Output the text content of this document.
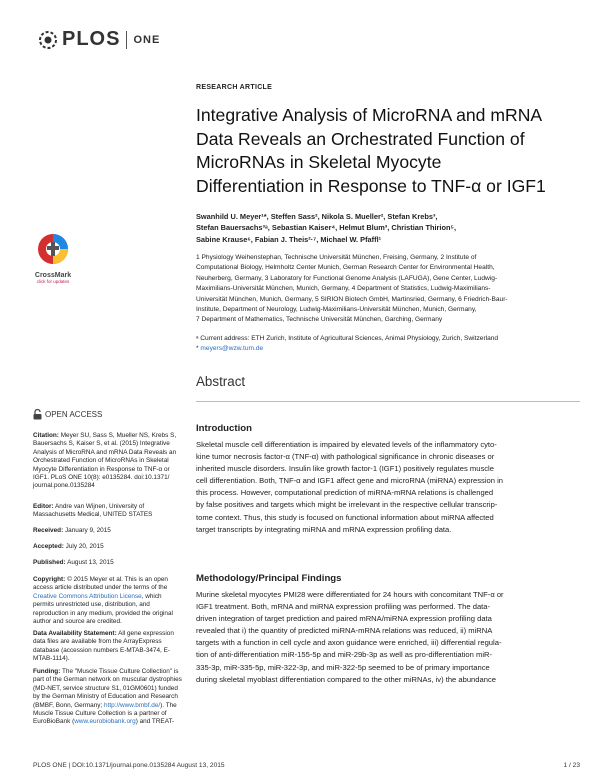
PLOS ONE
CrossMark
click for updates
OPEN ACCESS
Citation: Meyer SU, Sass S, Mueller NS, Krebs S, Bauersachs S, Kaiser S, et al. (2015) Integrative Analysis of MicroRNA and mRNA Data Reveals an Orchestrated Function of MicroRNAs in Skeletal Myocyte Differentiation in Response to TNF-α or IGF1. PLoS ONE 10(8): e0135284. doi:10.1371/ journal.pone.0135284
Editor: Andre van Wijnen, University of Massachusetts Medical, UNITED STATES
Received: January 9, 2015
Accepted: July 20, 2015
Published: August 13, 2015
Copyright: © 2015 Meyer et al. This is an open access article distributed under the terms of the Creative Commons Attribution License, which permits unrestricted use, distribution, and reproduction in any medium, provided the original author and source are credited.
Data Availability Statement: All gene expression data files are available from the ArrayExpress database (accession numbers E-MTAB-3474, E-MTAB-1114).
Funding: The "Muscle Tissue Culture Collection" is part of the German network on muscular dystrophies (MD-NET, service structure S1, 01GM0601) funded by the German Ministry of Education and Research (BMBF, Bonn, Germany; http://www.bmbf.de/). The Muscle Tissue Culture Collection is a partner of EuroBioBank (www.eurobiobank.org) and TREAT-
RESEARCH ARTICLE
Integrative Analysis of MicroRNA and mRNA
Data Reveals an Orchestrated Function of
MicroRNAs in Skeletal Myocyte
Differentiation in Response to TNF-α or IGF1
Swanhild U. Meyer¹*, Steffen Sass², Nikola S. Mueller², Stefan Krebs³,
Stefan Bauersachs³ᵃ, Sebastian Kaiser⁴, Helmut Blum³, Christian Thirion⁵,
Sabine Krause⁶, Fabian J. Theis²·⁷, Michael W. Pfaffl¹
1 Physiology Weihenstephan, Technische Universität München, Freising, Germany, 2 Institute of
Computational Biology, Helmholtz Center Munich, German Research Center for Environmental Health,
Neuherberg, Germany, 3 Laboratory for Functional Genome Analysis (LAFUGA), Gene Center, Ludwig-
Maximilians-Universität München, Munich, Germany, 4 Department of Statistics, Ludwig-Maximilians-
Universität München, Munich, Germany, 5 SIRION Biotech GmbH, Martinsried, Germany, 6 Friedrich-Baur-
Institute, Department of Neurology, Ludwig-Maximilians-Universität München, Munich, Germany,
7 Department of Mathematics, Technische Universität München, Garching, Germany
ᵃ Current address: ETH Zurich, Institute of Agricultural Sciences, Animal Physiology, Zurich, Switzerland
* meyers@wzw.tum.de
Abstract
Introduction
Skeletal muscle cell differentiation is impaired by elevated levels of the inflammatory cyto-
kine tumor necrosis factor-α (TNF-α) with pathological significance in chronic diseases or
inherited muscle disorders. Insulin like growth factor-1 (IGF1) positively regulates muscle
cell differentiation. Both, TNF-α and IGF1 affect gene and microRNA (miRNA) expression in
this process. However, computational prediction of miRNA-mRNA relations is challenged
by false positives and targets which might be irrelevant in the respective cellular transcrip-
tome context. Thus, this study is focused on functional information about miRNA affected
target transcripts by integrating miRNA and mRNA expression profiling data.
Methodology/Principal Findings
Murine skeletal myocytes PMI28 were differentiated for 24 hours with concomitant TNF-α or
IGF1 treatment. Both, mRNA and miRNA expression profiling was performed. The data-
driven integration of target prediction and paired mRNA/miRNA expression profiling data
revealed that i) the quantity of predicted miRNA-mRNA relations was reduced, ii) miRNA
targets with a function in cell cycle and axon guidance were enriched, iii) differential regula-
tion of anti-differentiation miR-155-5p and miR-29b-3p as well as pro-differentiation miR-
335-3p, miR-335-5p, miR-322-3p, and miR-322-5p seemed to be of primary importance
during skeletal myoblast differentiation compared to the other miRNAs, iv) the abundance
PLOS ONE | DOI:10.1371/journal.pone.0135284 August 13, 2015	1 / 23
